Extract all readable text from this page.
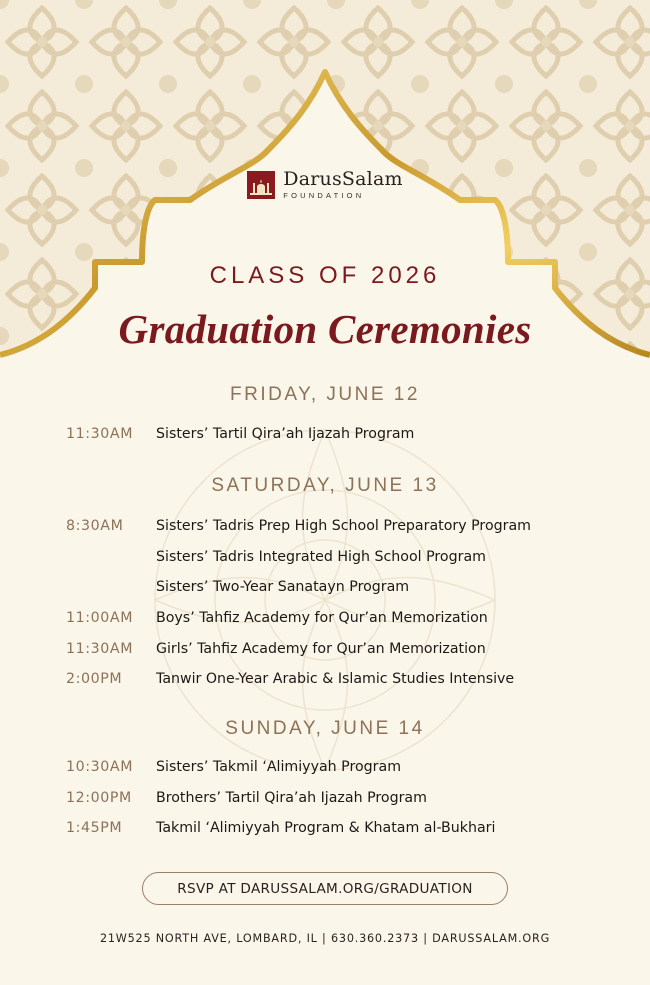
DarusSalam
FOUNDATION
CLASS OF 2026
Graduation Ceremonies
FRIDAY, JUNE 12
11:30AM	Sisters’ Tartil Qira’ah Ijazah Program
SATURDAY, JUNE 13
8:30AM	Sisters’ Tadris Prep High School Preparatory Program
Sisters’ Tadris Integrated High School Program
Sisters’ Two-Year Sanatayn Program
11:00AM	Boys’ Tahfiz Academy for Qur’an Memorization
11:30AM	Girls’ Tahfiz Academy for Qur’an Memorization
2:00PM	Tanwir One-Year Arabic & Islamic Studies Intensive
SUNDAY, JUNE 14
10:30AM	Sisters’ Takmil ‘Alimiyyah Program
12:00PM	Brothers’ Tartil Qira’ah Ijazah Program
1:45PM	Takmil ‘Alimiyyah Program & Khatam al-Bukhari
RSVP AT DARUSSALAM.ORG/GRADUATION
21W525 NORTH AVE, LOMBARD, IL | 630.360.2373 | DARUSSALAM.ORG
